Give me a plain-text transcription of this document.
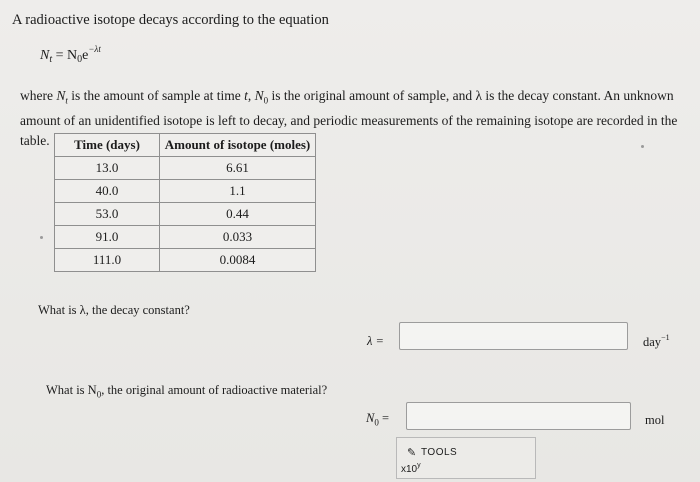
A radioactive isotope decays according to the equation
$N_t = N_0e^{-\lambda t}$
where $N_t$ is the amount of sample at time t, $N_0$ is the original amount of sample, and λ is the decay constant. An unknown amount of an unidentified isotope is left to decay, and periodic measurements of the remaining isotope are recorded in the table.	Time (days)	Amount of isotope (moles)
13.0	6.61
40.0	1.1
53.0	0.44
91.0	0.033
111.0	0.0084
What is λ, the decay constant?
λ =	day$^{-1}$
What is $N_0$, the original amount of radioactive material?
$N_0$ =	mol
✎ TOOLS
x10$^y$
